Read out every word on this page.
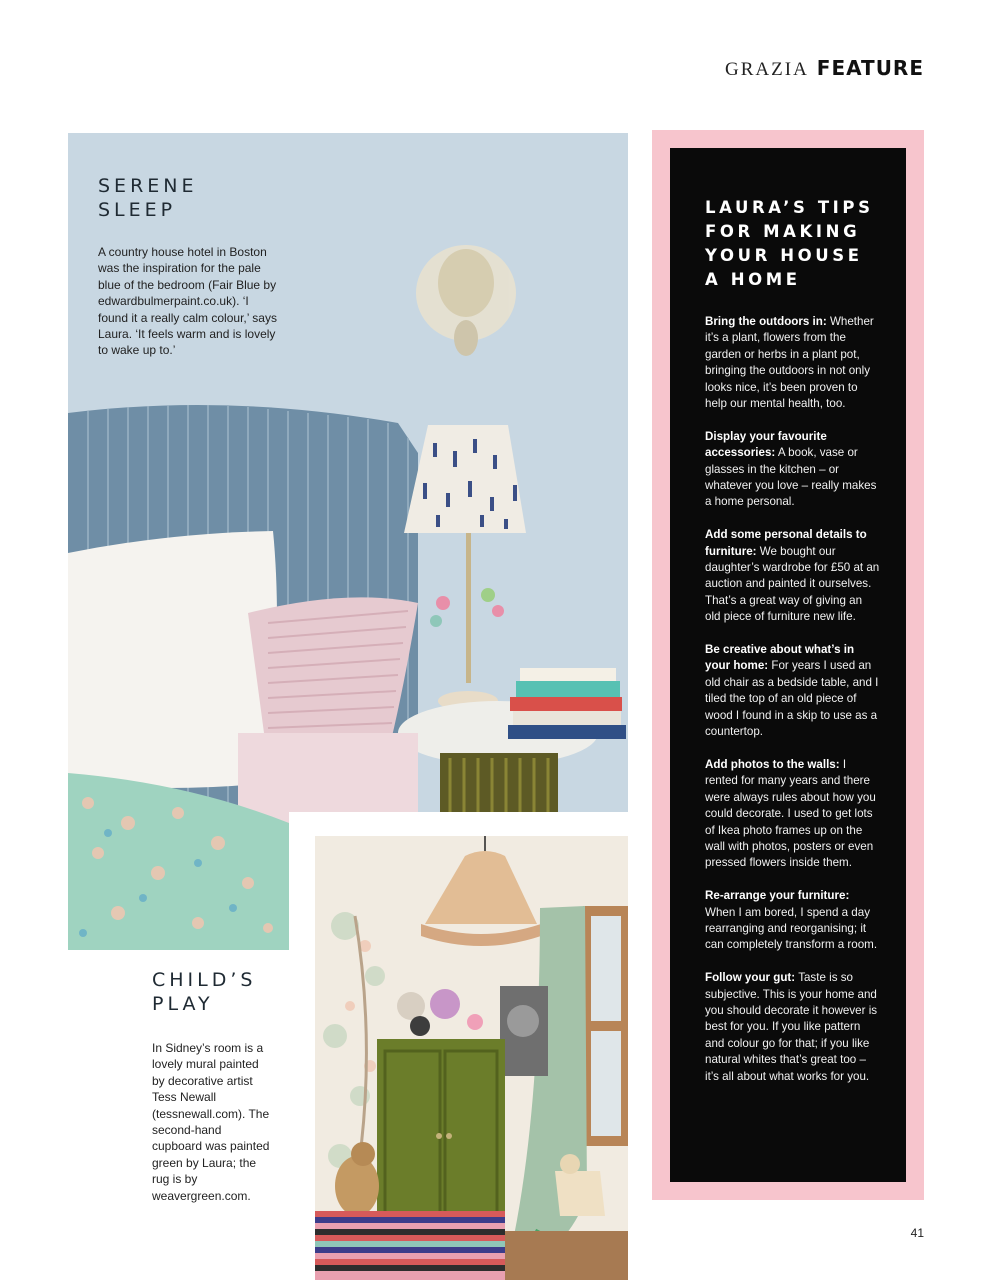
GRAZIA FEATURE
SERENE
SLEEP

A country house hotel in Boston was the inspiration for the pale blue of the bedroom (Fair Blue by edwardbulmerpaint.co.uk). ‘I found it a really calm colour,’ says Laura. ‘It feels warm and is lovely to wake up to.’

CHILD’S
PLAY

In Sidney’s room is a lovely mural painted by decorative artist Tess Newall (tessnewall.com). The second-hand cupboard was painted green by Laura; the rug is by weavergreen.com.

LAURA’S TIPS FOR MAKING YOUR HOUSE A HOME

Bring the outdoors in: Whether it’s a plant, flowers from the garden or herbs in a plant pot, bringing the outdoors in not only looks nice, it’s been proven to help our mental health, too.

Display your favourite accessories: A book, vase or glasses in the kitchen – or whatever you love – really makes a home personal.

Add some personal details to furniture: We bought our daughter’s wardrobe for £50 at an auction and painted it ourselves. That’s a great way of giving an old piece of furniture new life.

Be creative about what’s in your home: For years I used an old chair as a bedside table, and I tiled the top of an old piece of wood I found in a skip to use as a countertop.

Add photos to the walls: I rented for many years and there were always rules about how you could decorate. I used to get lots of Ikea photo frames up on the wall with photos, posters or even pressed flowers inside them.

Re-arrange your furniture: When I am bored, I spend a day rearranging and reorganising; it can completely transform a room.

Follow your gut: Taste is so subjective. This is your home and you should decorate it however is best for you. If you like pattern and colour go for that; if you like natural whites that’s great too – it’s all about what works for you.

41
